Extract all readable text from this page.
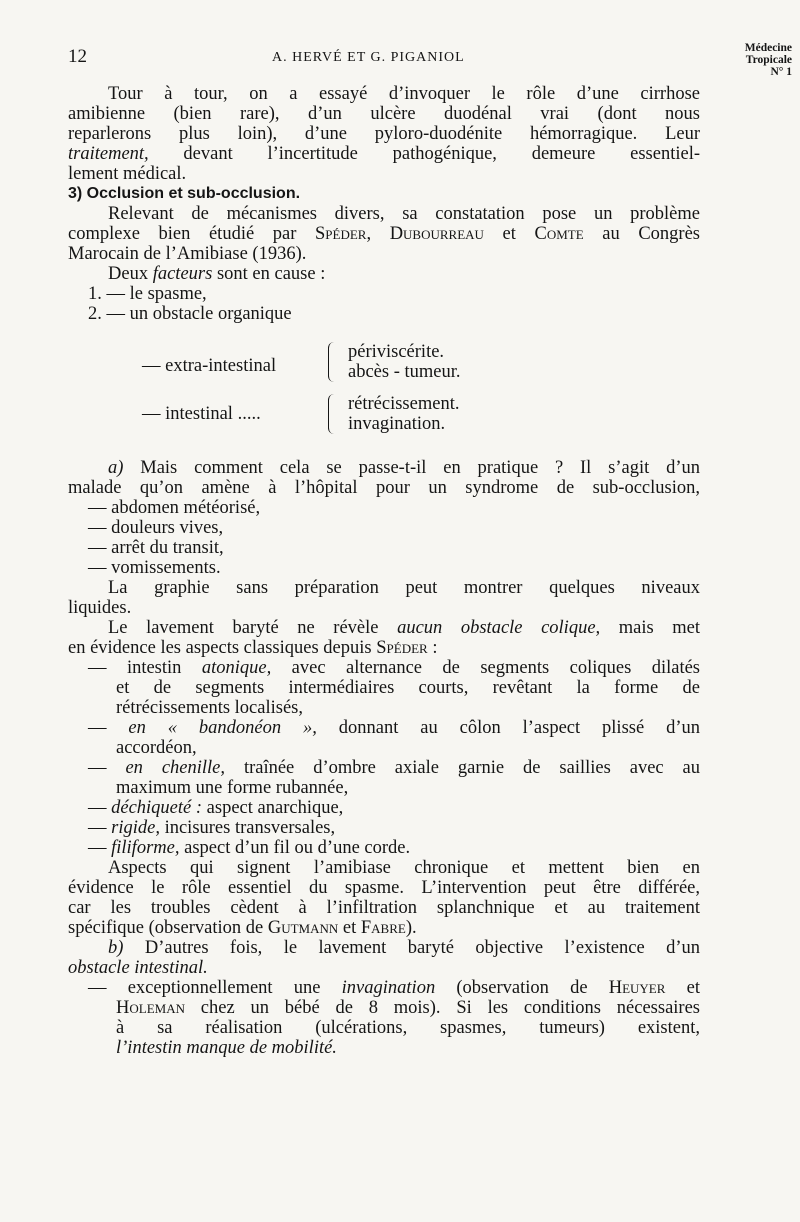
12	A. HERVÉ ET G. PIGANIOL
Médecine
Tropicale
N° 1

Tour à tour, on a essayé d’invoquer le rôle d’une cirrhose

amibienne (bien rare), d’un ulcère duodénal vrai (dont nous

reparlerons plus loin), d’une pyloro-duodénite hémorragique. Leur

traitement, devant l’incertitude pathogénique, demeure essentiel-

lement médical.

3) Occlusion et sub-occlusion.

Relevant de mécanismes divers, sa constatation pose un problème

complexe bien étudié par Spéder, Dubourreau et Comte au Congrès

Marocain de l’Amibiase (1936).

Deux facteurs sont en cause :

1. — le spasme,

2. — un obstacle organique

— extra-intestinal
périviscérite.
abcès - tumeur.
— intestinal .....	rétrécissement.
invagination.

a) Mais comment cela se passe-t-il en pratique ? Il s’agit d’un

malade qu’on amène à l’hôpital pour un syndrome de sub-occlusion,

— abdomen météorisé,

— douleurs vives,

— arrêt du transit,

— vomissements.

La graphie sans préparation peut montrer quelques niveaux

liquides.

Le lavement baryté ne révèle aucun obstacle colique, mais met

en évidence les aspects classiques depuis Spéder :

— intestin atonique, avec alternance de segments coliques dilatés

et de segments intermédiaires courts, revêtant la forme de

rétrécissements localisés,

— en « bandonéon », donnant au côlon l’aspect plissé d’un

accordéon,

— en chenille, traînée d’ombre axiale garnie de saillies avec au

maximum une forme rubannée,

— déchiqueté : aspect anarchique,

— rigide, incisures transversales,

— filiforme, aspect d’un fil ou d’une corde.

Aspects qui signent l’amibiase chronique et mettent bien en

évidence le rôle essentiel du spasme. L’intervention peut être différée,

car les troubles cèdent à l’infiltration splanchnique et au traitement

spécifique (observation de Gutmann et Fabre).

b) D’autres fois, le lavement baryté objective l’existence d’un

obstacle intestinal.

— exceptionnellement une invagination (observation de Heuyer et

Holeman chez un bébé de 8 mois). Si les conditions nécessaires

à sa réalisation (ulcérations, spasmes, tumeurs) existent,

l’intestin manque de mobilité.
